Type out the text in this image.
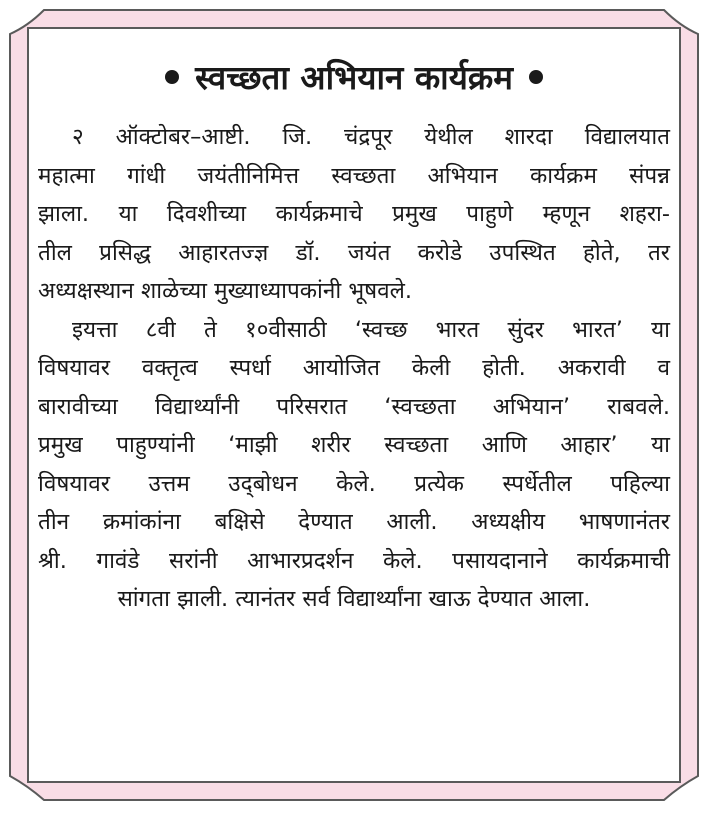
स्वच्छता अभियान कार्यक्रम
२ ऑक्टोबर–आष्टी. जि. चंद्रपूर येथील शारदा विद्यालयात
महात्मा गांधी जयंतीनिमित्त स्वच्छता अभियान कार्यक्रम संपन्न
झाला. या दिवशीच्या कार्यक्रमाचे प्रमुख पाहुणे म्हणून शहरा-
तील प्रसिद्ध आहारतज्ज्ञ डॉ. जयंत करोडे उपस्थित होते, तर
अध्यक्षस्थान शाळेच्या मुख्याध्यापकांनी भूषवले.
इयत्ता ८वी ते १०वीसाठी ‘स्वच्छ भारत सुंदर भारत’ या
विषयावर वक्तृत्व स्पर्धा आयोजित केली होती. अकरावी व
बारावीच्या विद्यार्थ्यांनी परिसरात ‘स्वच्छता अभियान’ राबवले.
प्रमुख पाहुण्यांनी ‘माझी शरीर स्वच्छता आणि आहार’ या
विषयावर उत्तम उद्‌बोधन केले. प्रत्येक स्पर्धेतील पहिल्या
तीन क्रमांकांना बक्षिसे देण्यात आली. अध्यक्षीय भाषणानंतर
श्री. गावंडे सरांनी आभारप्रदर्शन केले. पसायदानाने कार्यक्रमाची
सांगता झाली. त्यानंतर सर्व विद्यार्थ्यांना खाऊ देण्यात आला.
